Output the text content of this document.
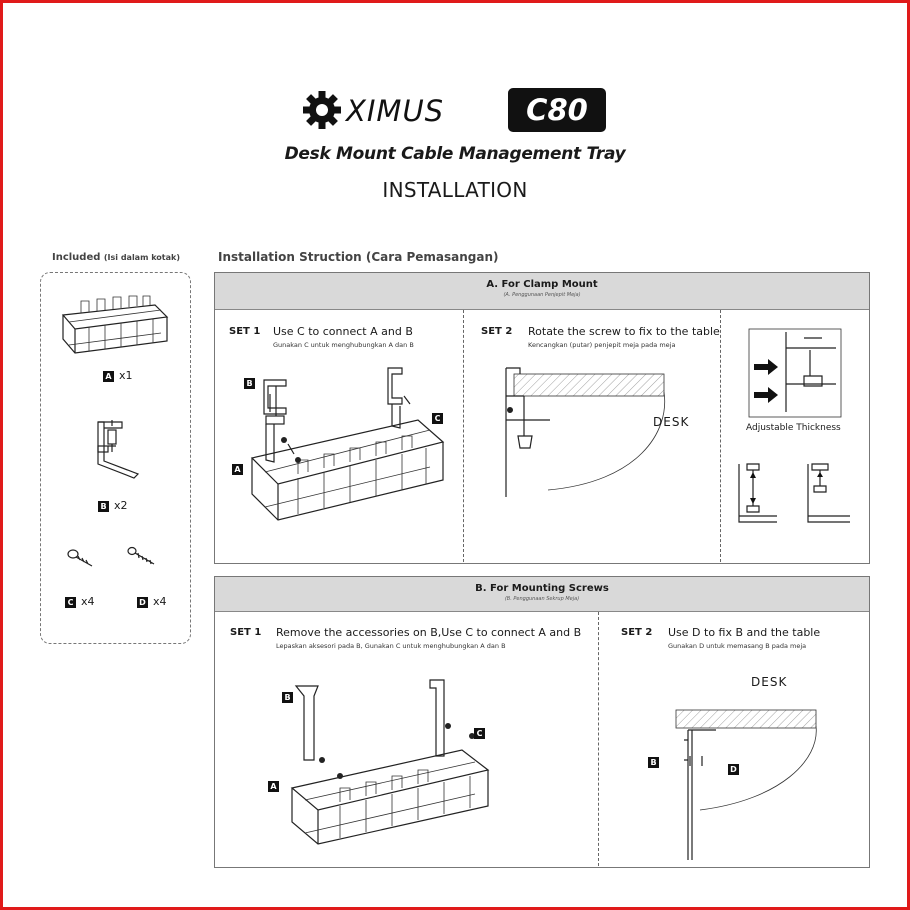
XIMUS	C80
Desk Mount Cable Management Tray
INSTALLATION
Included (Isi dalam kotak)
A x1
B x2
C x4	D x4
Installation Struction (Cara Pemasangan)
A. For Clamp Mount
(A. Penggunaan Penjepit Meja)
SET 1 Use C to connect A and B
Gunakan C untuk menghubungkan A dan B
B
A
C
SET 2 Rotate the screw to fix to the table
Kencangkan (putar) penjepit meja pada meja
DESK	Adjustable Thickness
B. For Mounting Screws
(B. Penggunaan Sekrup Meja)
SET 1 Remove the accessories on B,Use C to connect A and B
Lepaskan aksesori pada B, Gunakan C untuk menghubungkan A dan B
B
A
C
SET 2 Use D to fix B and the table
Gunakan D untuk memasang B pada meja
DESK
B
D
